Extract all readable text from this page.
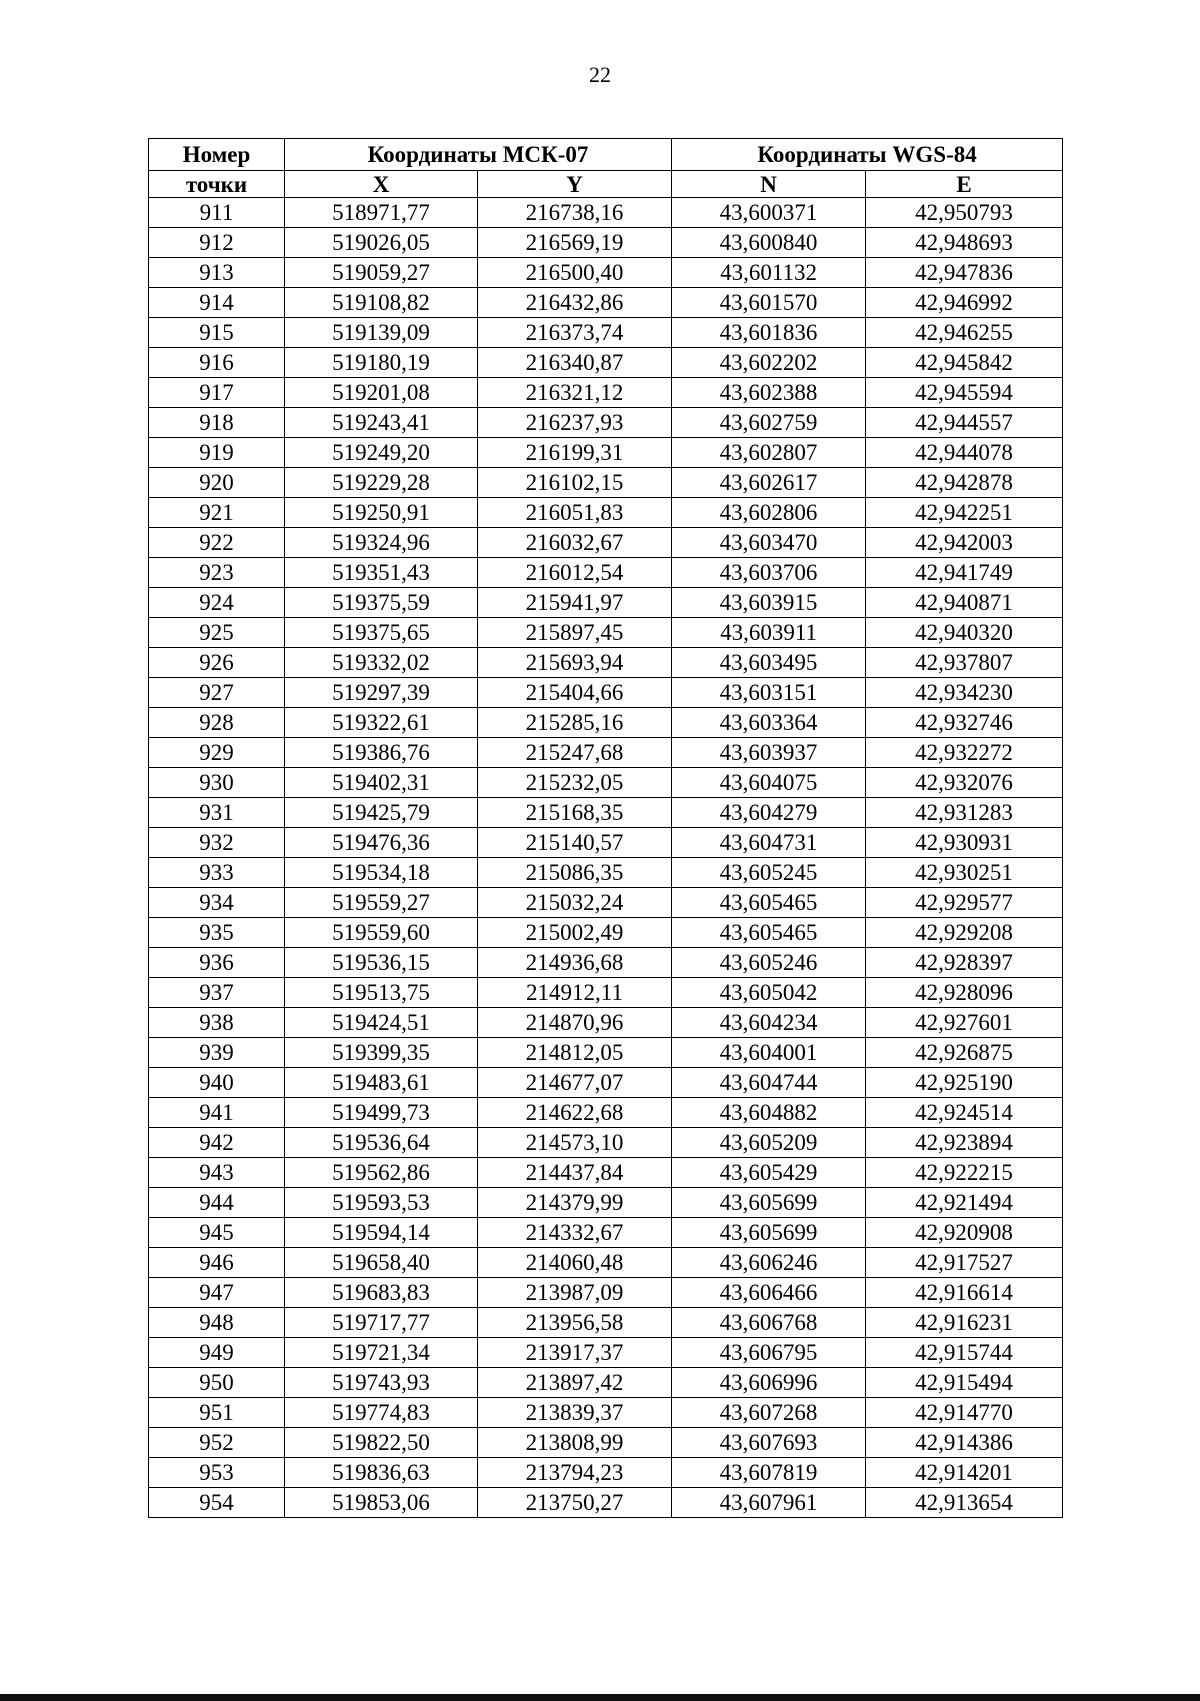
22
Номер	Координаты МСК-07		Координаты WGS-84	
точки	X	Y	N	E
911	518971,77	216738,16	43,600371	42,950793
912	519026,05	216569,19	43,600840	42,948693
913	519059,27	216500,40	43,601132	42,947836
914	519108,82	216432,86	43,601570	42,946992
915	519139,09	216373,74	43,601836	42,946255
916	519180,19	216340,87	43,602202	42,945842
917	519201,08	216321,12	43,602388	42,945594
918	519243,41	216237,93	43,602759	42,944557
919	519249,20	216199,31	43,602807	42,944078
920	519229,28	216102,15	43,602617	42,942878
921	519250,91	216051,83	43,602806	42,942251
922	519324,96	216032,67	43,603470	42,942003
923	519351,43	216012,54	43,603706	42,941749
924	519375,59	215941,97	43,603915	42,940871
925	519375,65	215897,45	43,603911	42,940320
926	519332,02	215693,94	43,603495	42,937807
927	519297,39	215404,66	43,603151	42,934230
928	519322,61	215285,16	43,603364	42,932746
929	519386,76	215247,68	43,603937	42,932272
930	519402,31	215232,05	43,604075	42,932076
931	519425,79	215168,35	43,604279	42,931283
932	519476,36	215140,57	43,604731	42,930931
933	519534,18	215086,35	43,605245	42,930251
934	519559,27	215032,24	43,605465	42,929577
935	519559,60	215002,49	43,605465	42,929208
936	519536,15	214936,68	43,605246	42,928397
937	519513,75	214912,11	43,605042	42,928096
938	519424,51	214870,96	43,604234	42,927601
939	519399,35	214812,05	43,604001	42,926875
940	519483,61	214677,07	43,604744	42,925190
941	519499,73	214622,68	43,604882	42,924514
942	519536,64	214573,10	43,605209	42,923894
943	519562,86	214437,84	43,605429	42,922215
944	519593,53	214379,99	43,605699	42,921494
945	519594,14	214332,67	43,605699	42,920908
946	519658,40	214060,48	43,606246	42,917527
947	519683,83	213987,09	43,606466	42,916614
948	519717,77	213956,58	43,606768	42,916231
949	519721,34	213917,37	43,606795	42,915744
950	519743,93	213897,42	43,606996	42,915494
951	519774,83	213839,37	43,607268	42,914770
952	519822,50	213808,99	43,607693	42,914386
953	519836,63	213794,23	43,607819	42,914201
954	519853,06	213750,27	43,607961	42,913654
